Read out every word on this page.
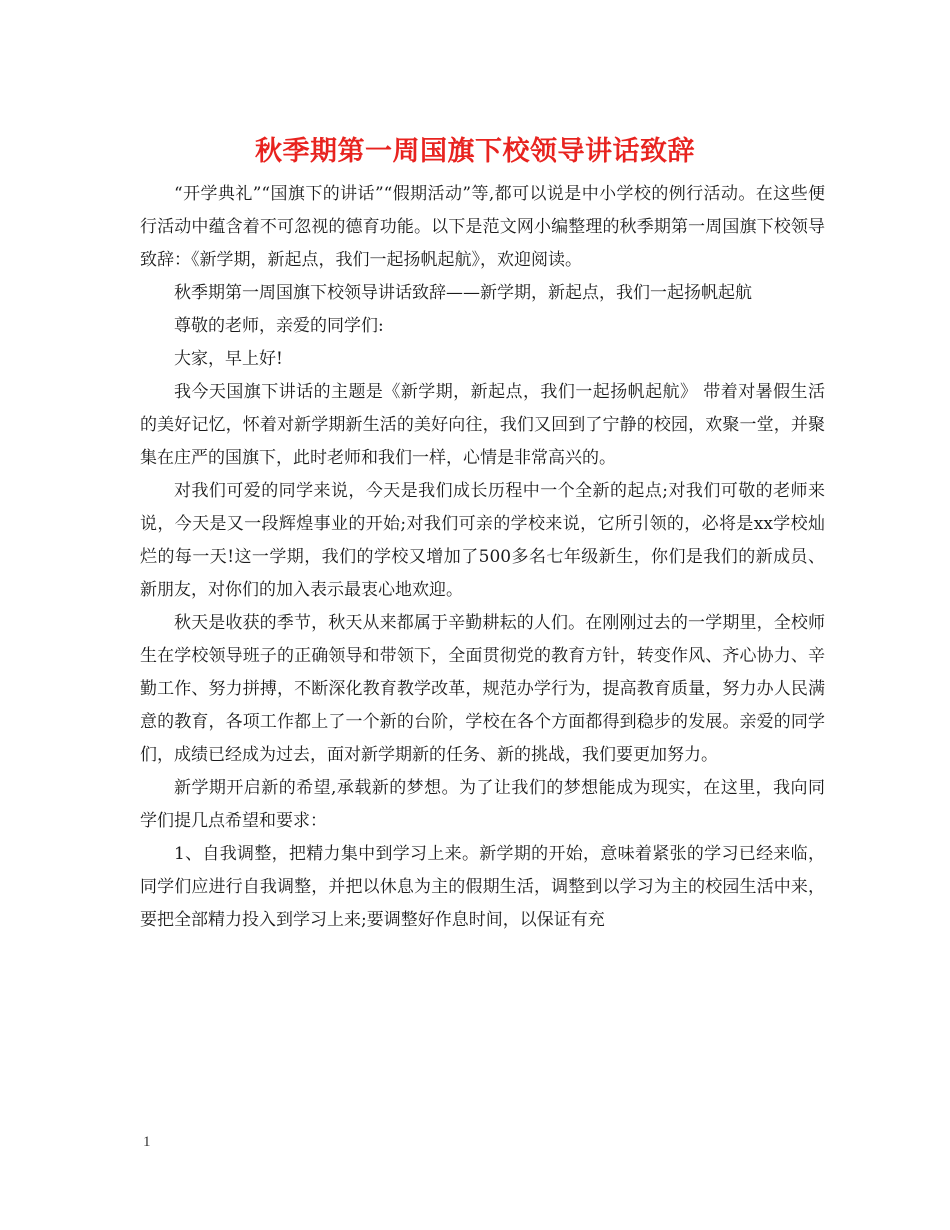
秋季期第一周国旗下校领导讲话致辞

“开学典礼”“国旗下的讲话”“假期活动”等,都可以说是中小学校的例行活动。在这些便行活动中蕴含着不可忽视的德育功能。以下是范文网小编整理的秋季期第一周国旗下校领导致辞：《新学期，新起点，我们一起扬帆起航》，欢迎阅读。

秋季期第一周国旗下校领导讲话致辞——新学期，新起点，我们一起扬帆起航

尊敬的老师，亲爱的同学们:

大家，早上好!

我今天国旗下讲话的主题是《新学期，新起点，我们一起扬帆起航》 带着对暑假生活的美好记忆，怀着对新学期新生活的美好向往，我们又回到了宁静的校园，欢聚一堂，并聚集在庄严的国旗下，此时老师和我们一样，心情是非常高兴的。

对我们可爱的同学来说，今天是我们成长历程中一个全新的起点;对我们可敬的老师来说，今天是又一段辉煌事业的开始;对我们可亲的学校来说，它所引领的，必将是xx学校灿烂的每一天!这一学期，我们的学校又增加了500多名七年级新生，你们是我们的新成员、新朋友，对你们的加入表示最衷心地欢迎。

秋天是收获的季节，秋天从来都属于辛勤耕耘的人们。在刚刚过去的一学期里，全校师生在学校领导班子的正确领导和带领下，全面贯彻党的教育方针，转变作风、齐心协力、辛勤工作、努力拼搏，不断深化教育教学改革，规范办学行为，提高教育质量，努力办人民满意的教育，各项工作都上了一个新的台阶，学校在各个方面都得到稳步的发展。亲爱的同学们，成绩已经成为过去，面对新学期新的任务、新的挑战，我们要更加努力。

新学期开启新的希望,承载新的梦想。为了让我们的梦想能成为现实，在这里，我向同学们提几点希望和要求：

1、自我调整，把精力集中到学习上来。新学期的开始，意味着紧张的学习已经来临，同学们应进行自我调整，并把以休息为主的假期生活，调整到以学习为主的校园生活中来，要把全部精力投入到学习上来;要调整好作息时间，以保证有充

1
